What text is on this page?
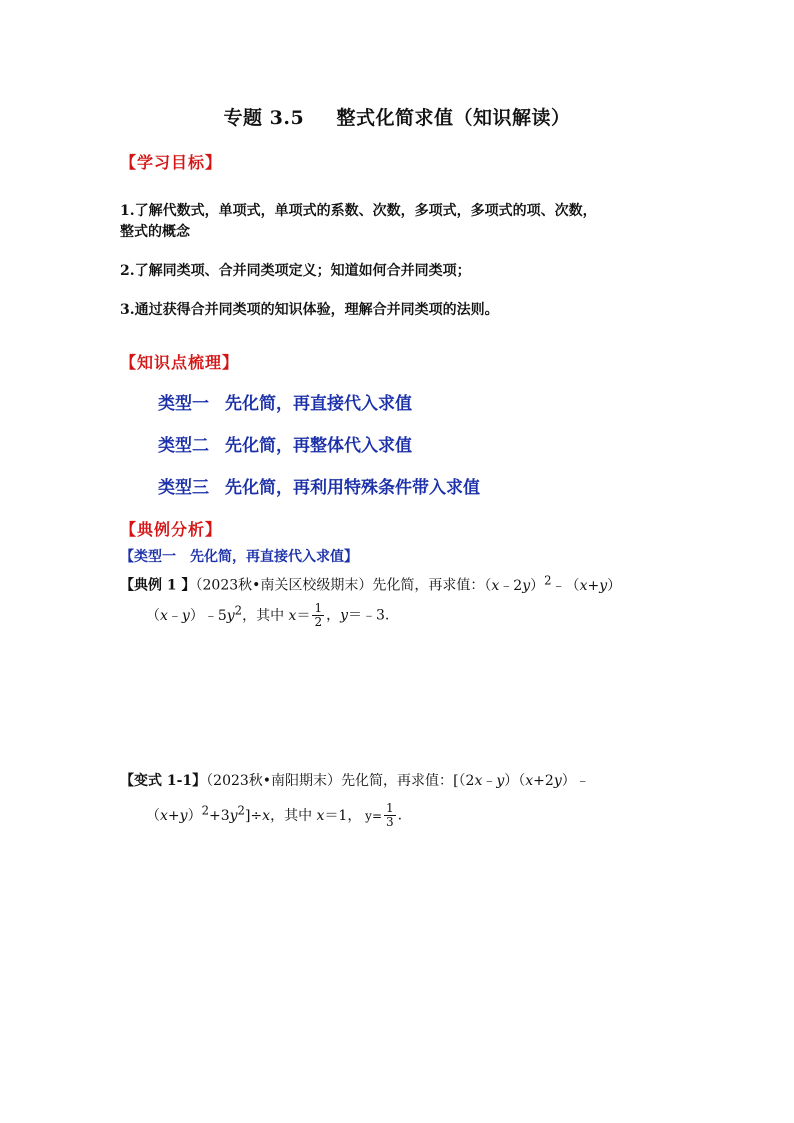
专题 3.5 整式化简求值（知识解读）
【学习目标】
1.了解代数式，单项式，单项式的系数、次数，多项式，多项式的项、次数，
整式的概念
2.了解同类项、合并同类项定义；知道如何合并同类项；
3.通过获得合并同类项的知识体验，理解合并同类项的法则。
【知识点梳理】
类型一 先化简，再直接代入求值
类型二 先化简，再整体代入求值
类型三 先化简，再利用特殊条件带入求值
【典例分析】
【类型一　先化简，再直接代入求值】
【典例 1 】（2023秋•南关区校级期末）先化简，再求值：（x﹣2y）$^2$﹣（x+y）
$(x﹣y)﹣5y^2$，其中 $x= \frac{1}{2}$ ，y＝﹣3.
【变式 1-1】（2023秋•南阳期末）先化简，再求值：[（2x﹣y）（x+2y）﹣
$(x+y)^2+3y^2]\div x$，其中 x＝1， $y= \frac{1}{3}$ .
